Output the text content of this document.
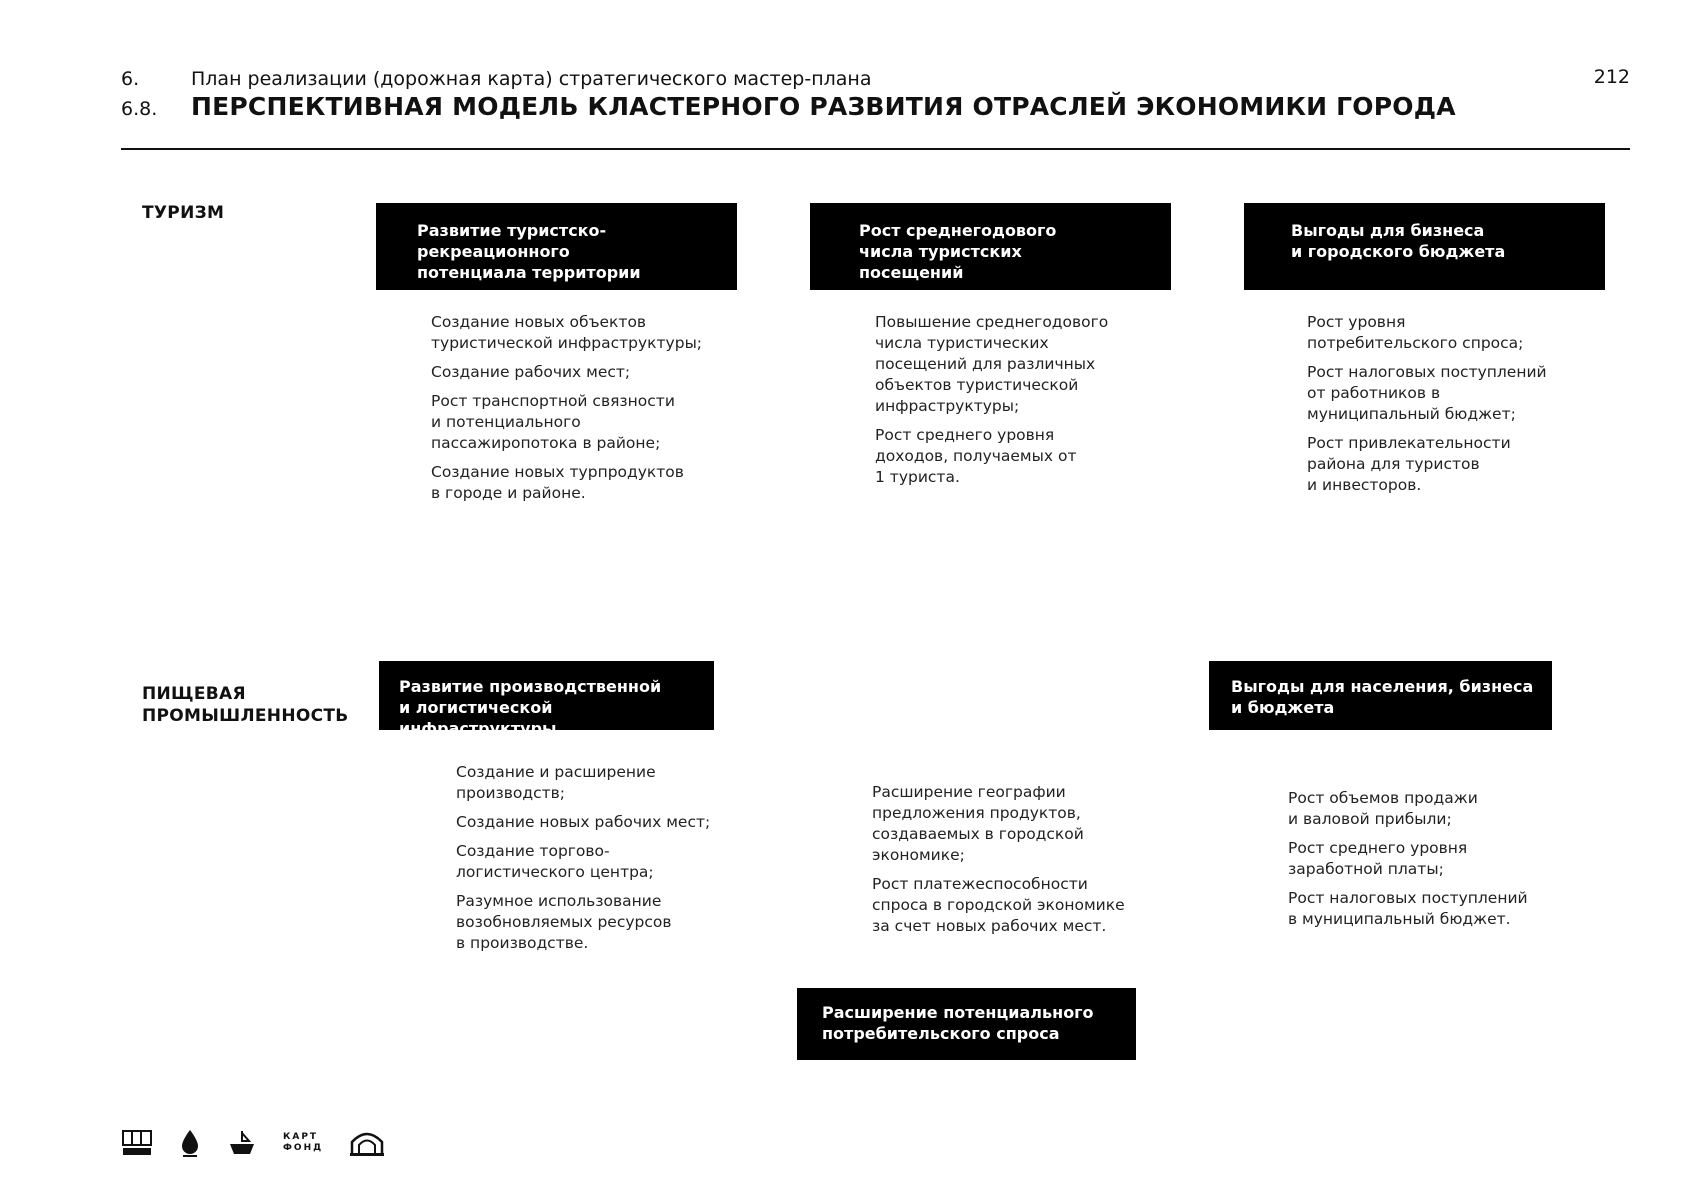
6.	План реализации (дорожная карта) стратегического мастер-плана
6.8. ПЕРСПЕКТИВНАЯ МОДЕЛЬ КЛАСТЕРНОГО РАЗВИТИЯ ОТРАСЛЕЙ ЭКОНОМИКИ ГОРОДА
212

ТУРИЗМ

Развитие туристско-
рекреационного
потенциала территории
Рост среднегодового
числа туристских
посещений
Выгоды для бизнеса
и городского бюджета
Создание новых объектов
туристической инфраструктуры;
Создание рабочих мест;
Рост транспортной связности
и потенциального
пассажиропотока в районе;
Создание новых турпродуктов
в городе и районе.
Повышение среднегодового
числа туристических
посещений для различных
объектов туристической
инфраструктуры;
Рост среднего уровня
доходов, получаемых от
1 туриста.
Рост уровня
потребительского спроса;
Рост налоговых поступлений
от работников в
муниципальный бюджет;
Рост привлекательности
района для туристов
и инвесторов.

ПИЩЕВАЯ
ПРОМЫШЛЕННОСТЬ

Развитие производственной
и логистической инфраструктуры
Выгоды для населения, бизнеса
и бюджета
Расширение потенциального
потребительского спроса
Создание и расширение
производств;
Создание новых рабочих мест;
Создание торгово-
логистического центра;
Разумное использование
возобновляемых ресурсов
в производстве.
Расширение географии
предложения продуктов,
создаваемых в городской
экономике;
Рост платежеспособности
спроса в городской экономике
за счет новых рабочих мест.
Рост объемов продажи
и валовой прибыли;
Рост среднего уровня
заработной платы;
Рост налоговых поступлений
в муниципальный бюджет.
КАРТ
ФОНД
